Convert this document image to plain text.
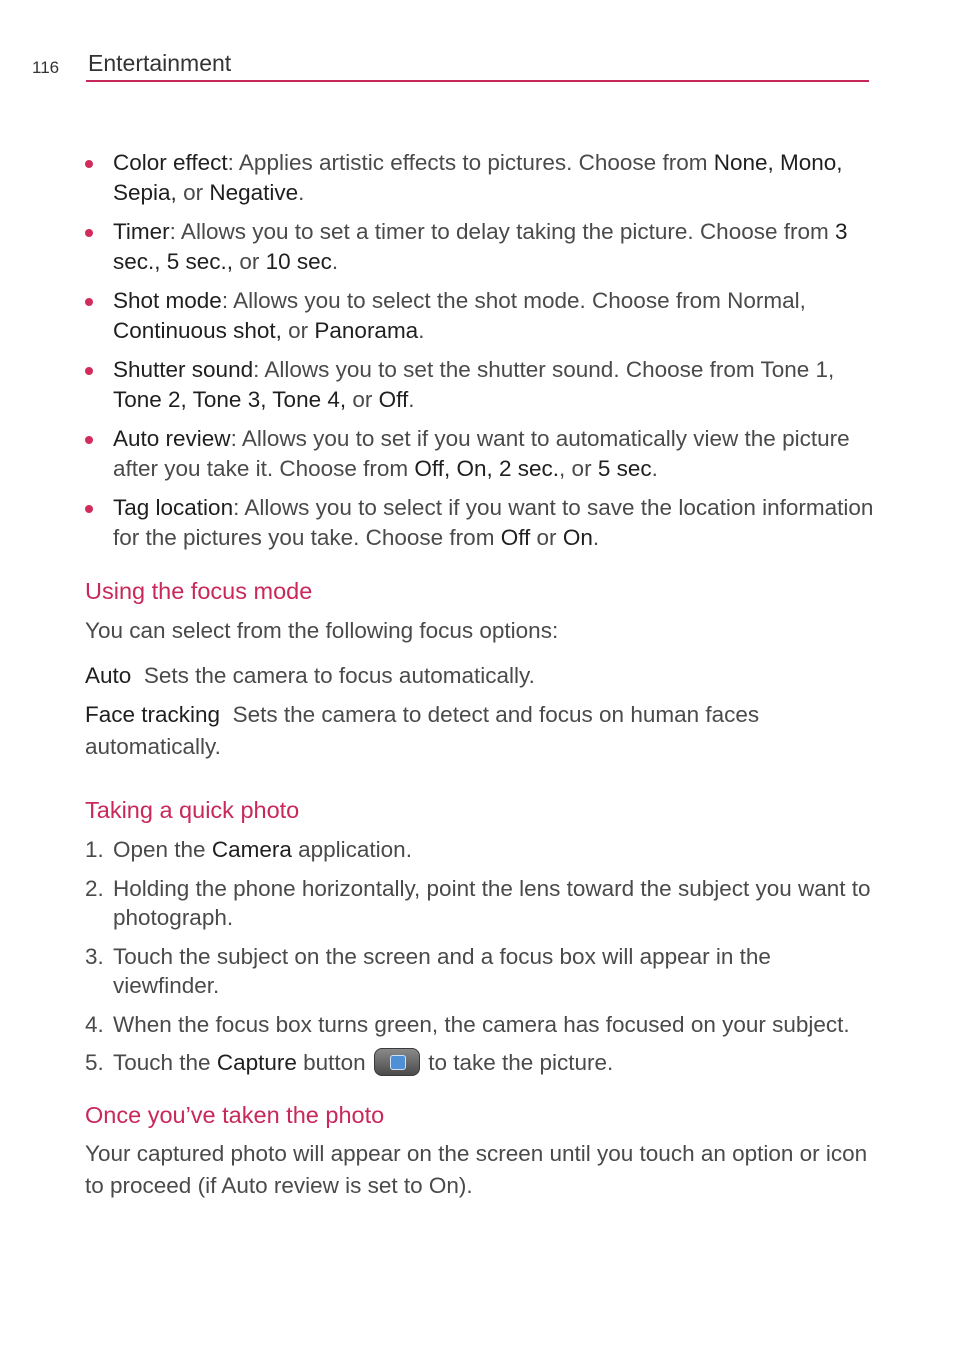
116 Entertainment
Color effect: Applies artistic effects to pictures. Choose from None, Mono, Sepia, or Negative.
Timer: Allows you to set a timer to delay taking the picture. Choose from 3 sec., 5 sec., or 10 sec.
Shot mode: Allows you to select the shot mode. Choose from Normal, Continuous shot, or Panorama.
Shutter sound: Allows you to set the shutter sound. Choose from Tone 1, Tone 2, Tone 3, Tone 4, or Off.
Auto review: Allows you to set if you want to automatically view the picture after you take it. Choose from Off, On, 2 sec., or 5 sec.
Tag location: Allows you to select if you want to save the location information for the pictures you take. Choose from Off or On.
Using the focus mode

You can select from the following focus options:

Auto Sets the camera to focus automatically.

Face tracking Sets the camera to detect and focus on human faces automatically.

Taking a quick photo
1. Open the Camera application.
2. Holding the phone horizontally, point the lens toward the subject you want to photograph.
3. Touch the subject on the screen and a focus box will appear in the viewfinder.
4. When the focus box turns green, the camera has focused on your subject.
5. Touch the Capture button
to take the picture.
Once you’ve taken the photo

Your captured photo will appear on the screen until you touch an option or icon to proceed (if Auto review is set to On).
